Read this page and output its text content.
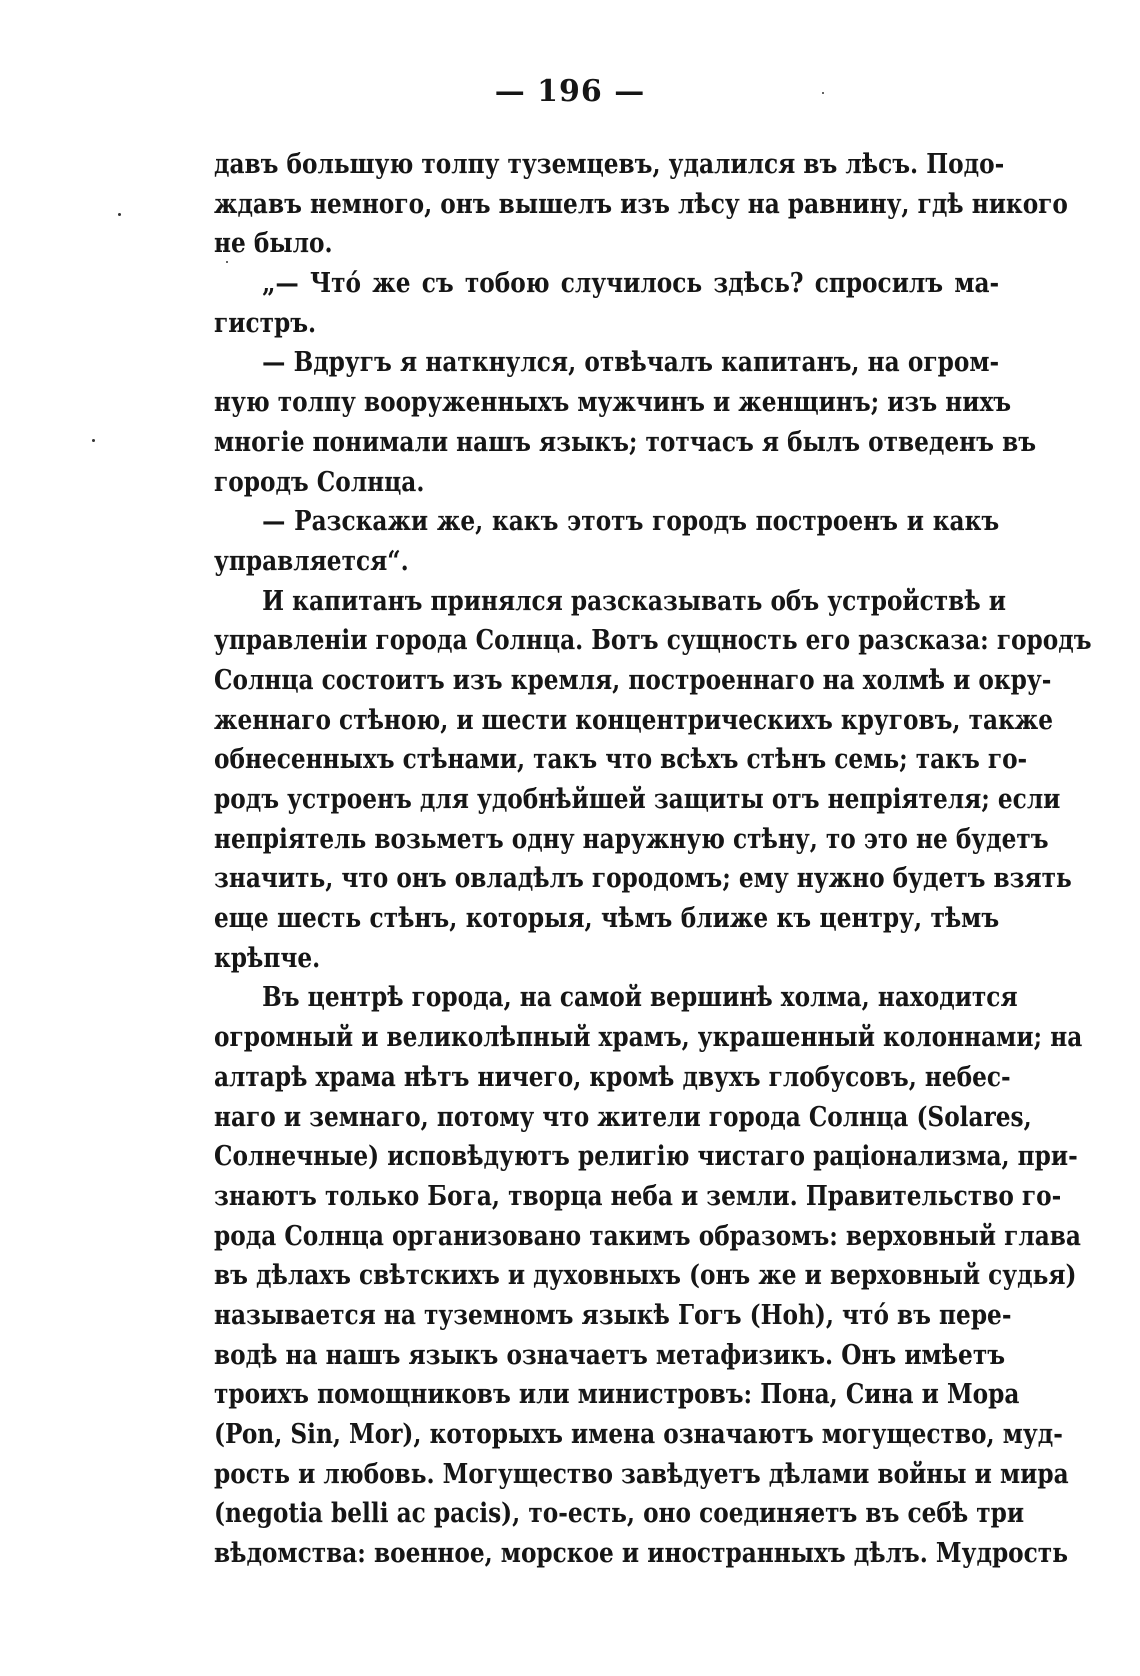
— 196 —
давъ большую толпу туземцевъ, удалился въ лѣсъ. Подо-
ждавъ немного, онъ вышелъ изъ лѣсу на равнину, гдѣ никого
не было.
„— Чтó же съ тобою случилось здѣсь? спросилъ ма-
гистръ.
— Вдругъ я наткнулся, отвѣчалъ капитанъ, на огром-
ную толпу вооруженныхъ мужчинъ и женщинъ; изъ нихъ
многіе понимали нашъ языкъ; тотчасъ я былъ отведенъ въ
городъ Солнца.
— Разскажи же, какъ этотъ городъ построенъ и какъ
управляется“.
И капитанъ принялся разсказывать объ устройствѣ и
управленіи города Солнца. Вотъ сущность его разсказа: городъ
Солнца состоитъ изъ кремля, построеннаго на холмѣ и окру-
женнаго стѣною, и шести концентрическихъ круговъ, также
обнесенныхъ стѣнами, такъ что всѣхъ стѣнъ семь; такъ го-
родъ устроенъ для удобнѣйшей защиты отъ непріятеля; если
непріятель возьметъ одну наружную стѣну, то это не будетъ
значить, что онъ овладѣлъ городомъ; ему нужно будетъ взять
еще шесть стѣнъ, которыя, чѣмъ ближе къ центру, тѣмъ
крѣпче.
Въ центрѣ города, на самой вершинѣ холма, находится
огромный и великолѣпный храмъ, украшенный колоннами; на
алтарѣ храма нѣтъ ничего, кромѣ двухъ глобусовъ, небес-
наго и земнаго, потому что жители города Солнца (Solares,
Солнечные) исповѣдуютъ религію чистаго раціонализма, при-
знаютъ только Бога, творца неба и земли. Правительство го-
рода Солнца организовано такимъ образомъ: верховный глава
въ дѣлахъ свѣтскихъ и духовныхъ (онъ же и верховный судья)
называется на туземномъ языкѣ Гогъ (Hoh), чтó въ пере-
водѣ на нашъ языкъ означаетъ метафизикъ. Онъ имѣетъ
троихъ помощниковъ или министровъ: Пона, Сина и Мора
(Pon, Sin, Mor), которыхъ имена означаютъ могущество, муд-
рость и любовь. Могущество завѣдуетъ дѣлами войны и мира
(negotia belli ac pacis), то-есть, оно соединяетъ въ себѣ три
вѣдомства: военное, морское и иностранныхъ дѣлъ. Мудрость
